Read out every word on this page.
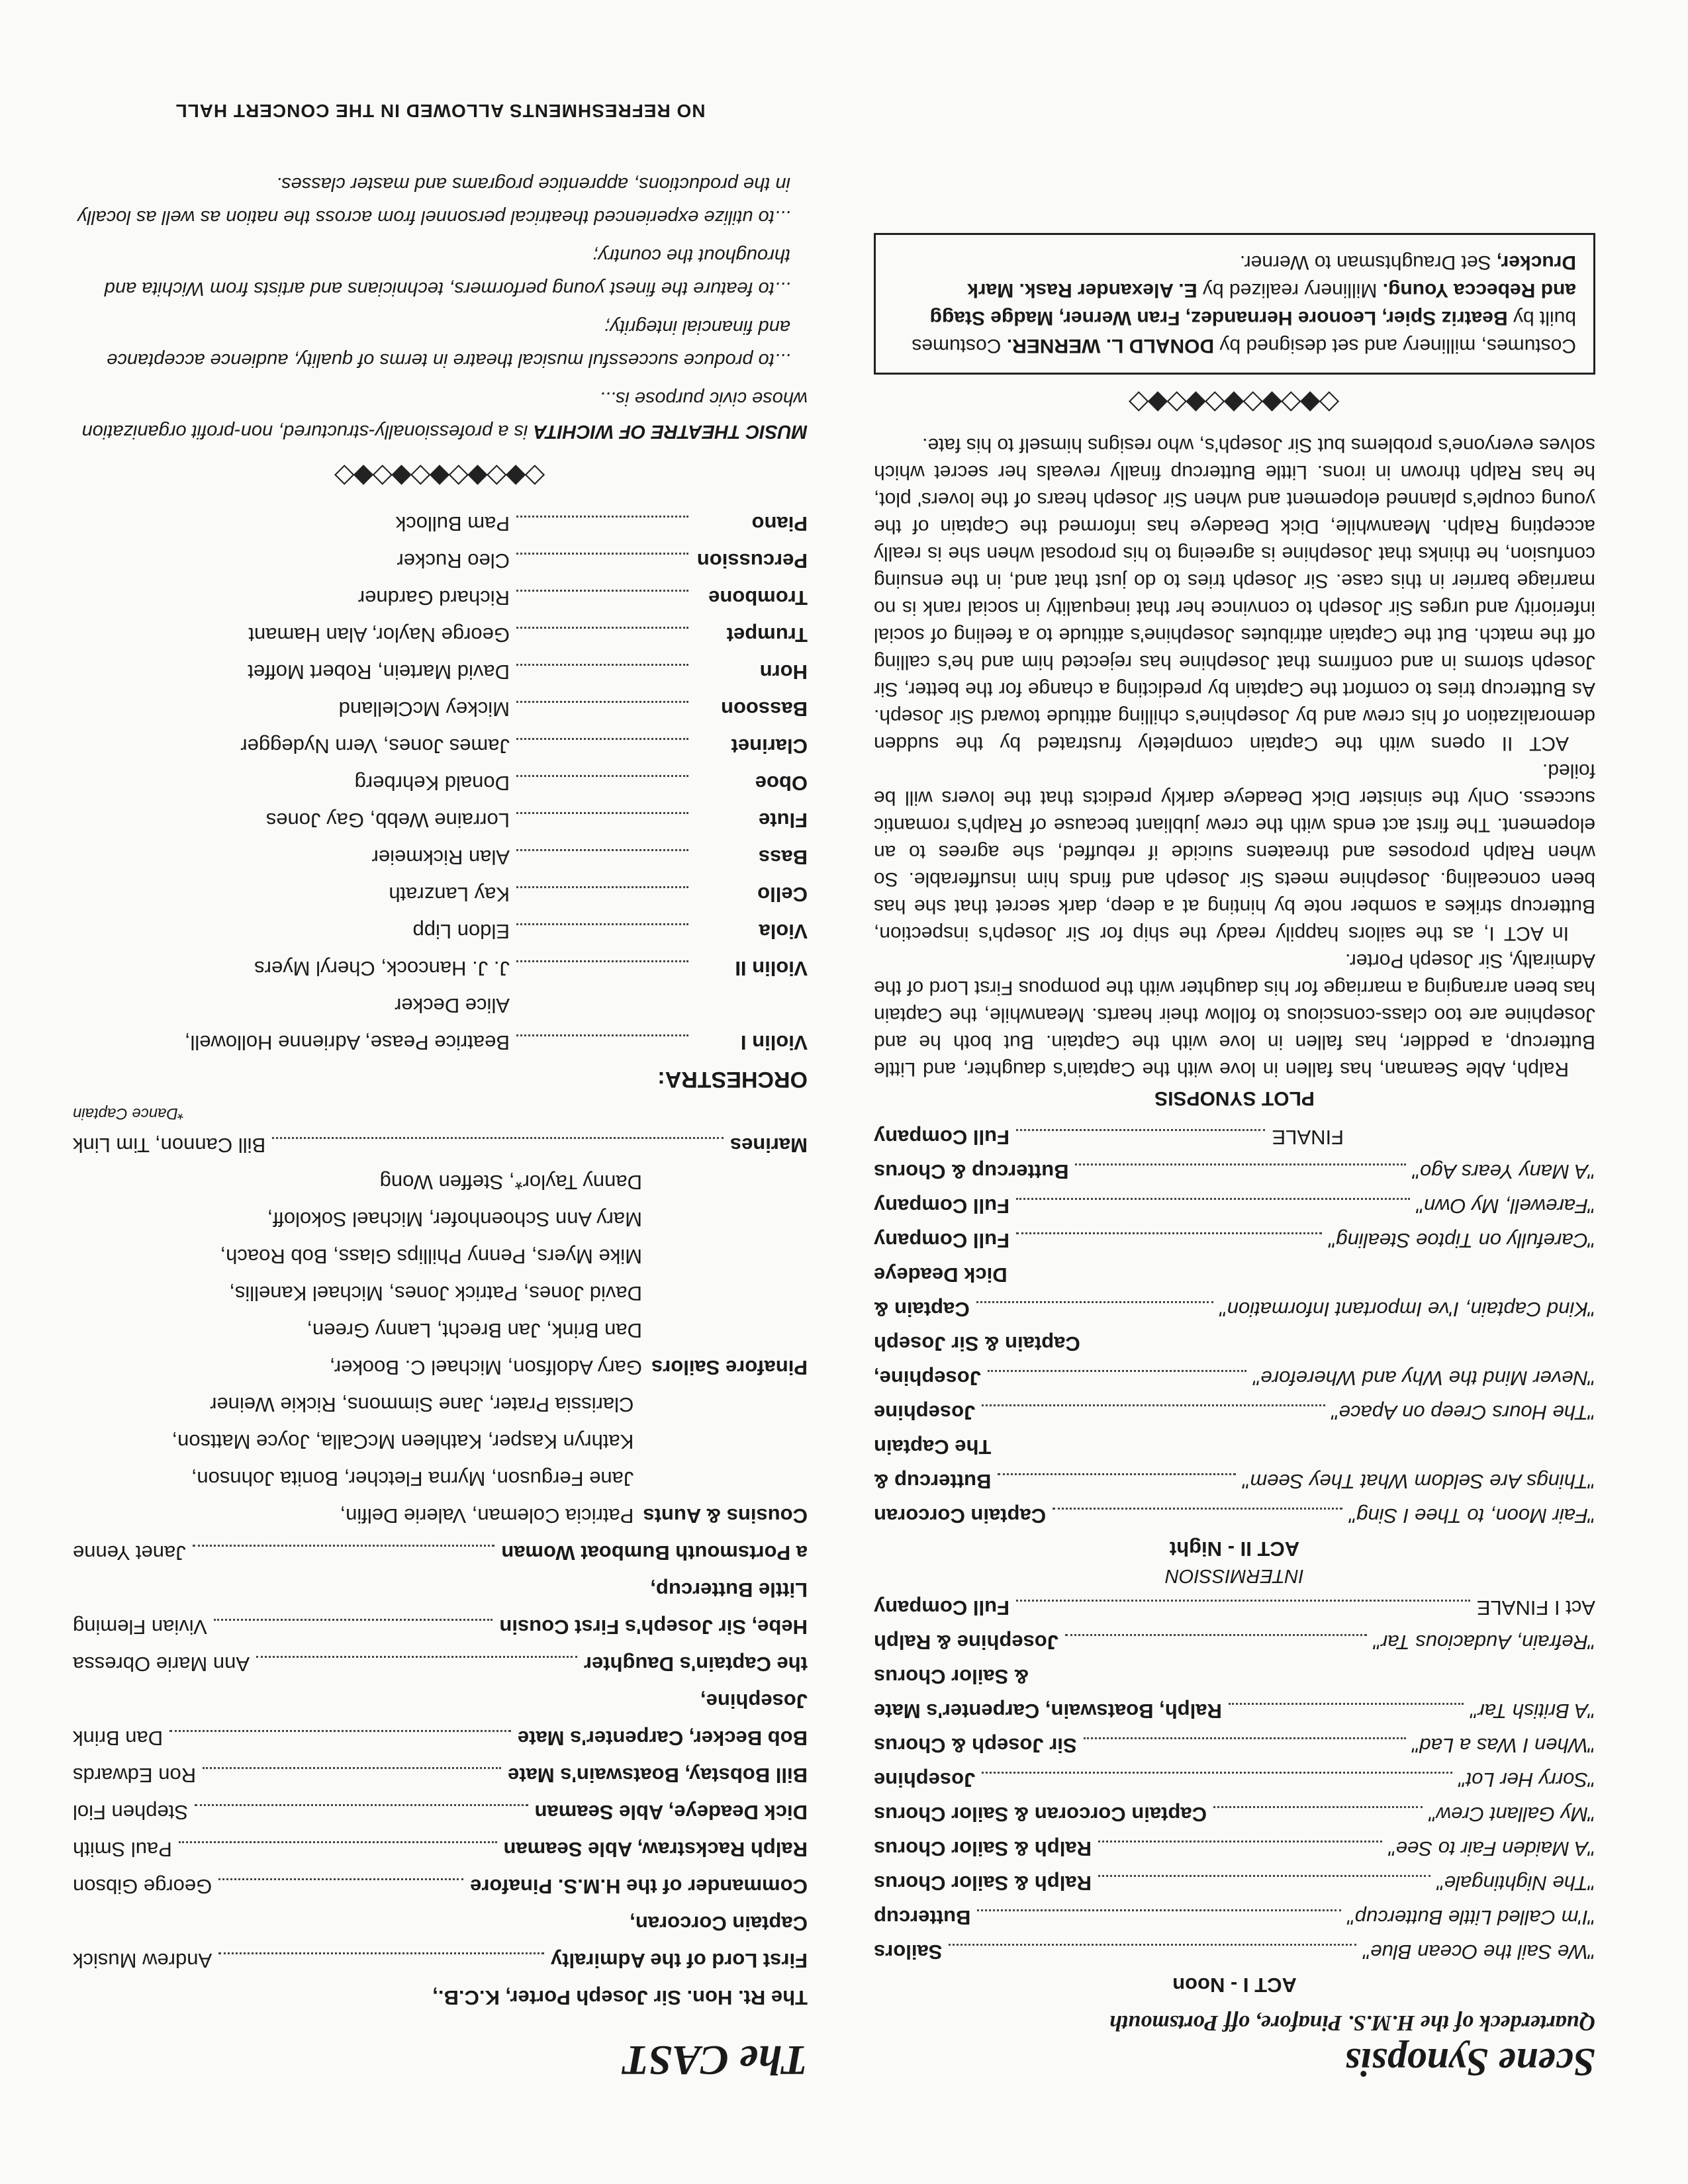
Scene Synopsis
Quarterdeck of the H.M.S. Pinafore, off Portsmouth
ACT I - Noon
"We Sail the Ocean Blue"
Sailors
"I'm Called Little Buttercup"
Buttercup
"The Nightingale"
Ralph & Sailor Chorus
"A Maiden Fair to See"
Ralph & Sailor Chorus
"My Gallant Crew"
Captain Corcoran & Sailor Chorus
"Sorry Her Lot"
Josephine
"When I Was a Lad"
Sir Joseph & Chorus
"A British Tar"
Ralph, Boatswain, Carpenter's Mate
& Sailor Chorus
"Refrain, Audacious Tar"
Josephine & Ralph
Act I FINALE
Full Company
INTERMISSION
ACT II - Night
"Fair Moon, to Thee I Sing"
Captain Corcoran
"Things Are Seldom What They Seem"
Buttercup &
The Captain
"The Hours Creep on Apace"
Josephine
"Never Mind the Why and Wherefore"
Josephine,
Captain & Sir Joseph
"Kind Captain, I've Important Information"
Captain &
Dick Deadeye
"Carefully on Tiptoe Stealing"
Full Company
"Farewell, My Own"
Full Company
"A Many Years Ago"
Buttercup & Chorus
FINALE
Full Company
PLOT SYNOPSIS

Ralph, Able Seaman, has fallen in love with the Captain's daughter, and Little Buttercup, a peddler, has fallen in love with the Captain. But both he and Josephine are too class-conscious to follow their hearts. Meanwhile, the Captain has been arranging a marriage for his daughter with the pompous First Lord of the Admiralty, Sir Joseph Porter.

In ACT I, as the sailors happily ready the ship for Sir Joseph's inspection, Buttercup strikes a somber note by hinting at a deep, dark secret that she has been concealing. Josephine meets Sir Joseph and finds him insufferable. So when Ralph proposes and threatens suicide if rebuffed, she agrees to an elopement. The first act ends with the crew jubliant because of Ralph's romantic success. Only the sinister Dick Deadeye darkly predicts that the lovers will be foiled.

ACT II opens with the Captain completely frustrated by the sudden demoralization of his crew and by Josephine's chilling attitude toward Sir Joseph. As Buttercup tries to comfort the Captain by predicting a change for the better, Sir Joseph storms in and confirms that Josephine has rejected him and he's calling off the match. But the Captain attributes Josephine's attitude to a feeling of social inferiority and urges Sir Joseph to convince her that inequality in social rank is no marriage barrier in this case. Sir Joseph tries to do just that and, in the ensuing confusion, he thinks that Josephine is agreeing to his proposal when she is really accepting Ralph. Meanwhile, Dick Deadeye has informed the Captain of the young couple's planned elopement and when Sir Joseph hears of the lovers' plot, he has Ralph thrown in irons. Little Buttercup finally reveals her secret which solves everyone's problems but Sir Joseph's, who resigns himself to his fate.

◇◆◇◆◇◆◇◆◇◆◇
Costumes, millinery and set designed by DONALD L. WERNER. Costumes built by Beatriz Spier, Leonore Hernandez, Fran Werner, Madge Stagg and Rebecca Young. Millinery realized by E. Alexander Rask. Mark Drucker, Set Draughtsman to Werner.
The CAST
The Rt. Hon. Sir Joseph Porter, K.C.B.,
First Lord of the Admiralty
Andrew Musick
Captain Corcoran,
Commander of the H.M.S. Pinafore
George Gibson
Ralph Rackstraw, Able Seaman
Paul Smith
Dick Deadeye, Able Seaman
Stephen Fiol
Bill Bobstay, Boatswain's Mate
Ron Edwards
Bob Becker, Carpenter's Mate
Dan Brink
Josephine,
the Captain's Daughter
Ann Marie Obressa
Hebe, Sir Joseph's First Cousin
Vivian Fleming
Little Buttercup,
a Portsmouth Bumboat Woman
Janet Yenne
Cousins & Aunts
Patricia Coleman, Valerie Delfin,
Jane Ferguson, Myrna Fletcher, Bonita Johnson,
Kathryn Kasper, Kathleen McCalla, Joyce Mattson,
Clarissia Prater, Jane Simmons, Rickie Weiner
Pinafore Sailors
Gary Adolfson, Michael C. Booker,
Dan Brink, Jan Brecht, Lanny Green,
David Jones, Patrick Jones, Michael Kanellis,
Mike Myers, Penny Phillips Glass, Bob Roach,
Mary Ann Schoenhofer, Michael Sokoloff,
Danny Taylor*, Steffen Wong
Marines
Bill Cannon, Tim Link
*Dance Captain
ORCHESTRA:
Violin I
Beatrice Pease, Adrienne Hollowell,
Alice Decker
Violin II
J. J. Hancock, Cheryl Myers
Viola
Eldon Lipp
Cello
Kay Lanzrath
Bass
Alan Rickmeier
Flute
Lorraine Webb, Gay Jones
Oboe
Donald Kehrberg
Clarinet
James Jones, Vern Nydegger
Bassoon
Mickey McClelland
Horn
David Martein, Robert Moffet
Trumpet
George Naylor, Alan Hamant
Trombone
Richard Gardner
Percussion
Cleo Rucker
Piano
Pam Bullock
◇◆◇◆◇◆◇◆◇◆◇

MUSIC THEATRE OF WICHITA is a professionally-structured, non-profit organization whose civic purpose is...

...to produce successful musical theatre in terms of quality, audience acceptance and financial integrity;

...to feature the finest young performers, technicians and artists from Wichita and throughout the country;

...to utilize experienced theatrical personnel from across the nation as well as locally in the productions, apprentice programs and master classes.

NO REFRESHMENTS ALLOWED IN THE CONCERT HALL
